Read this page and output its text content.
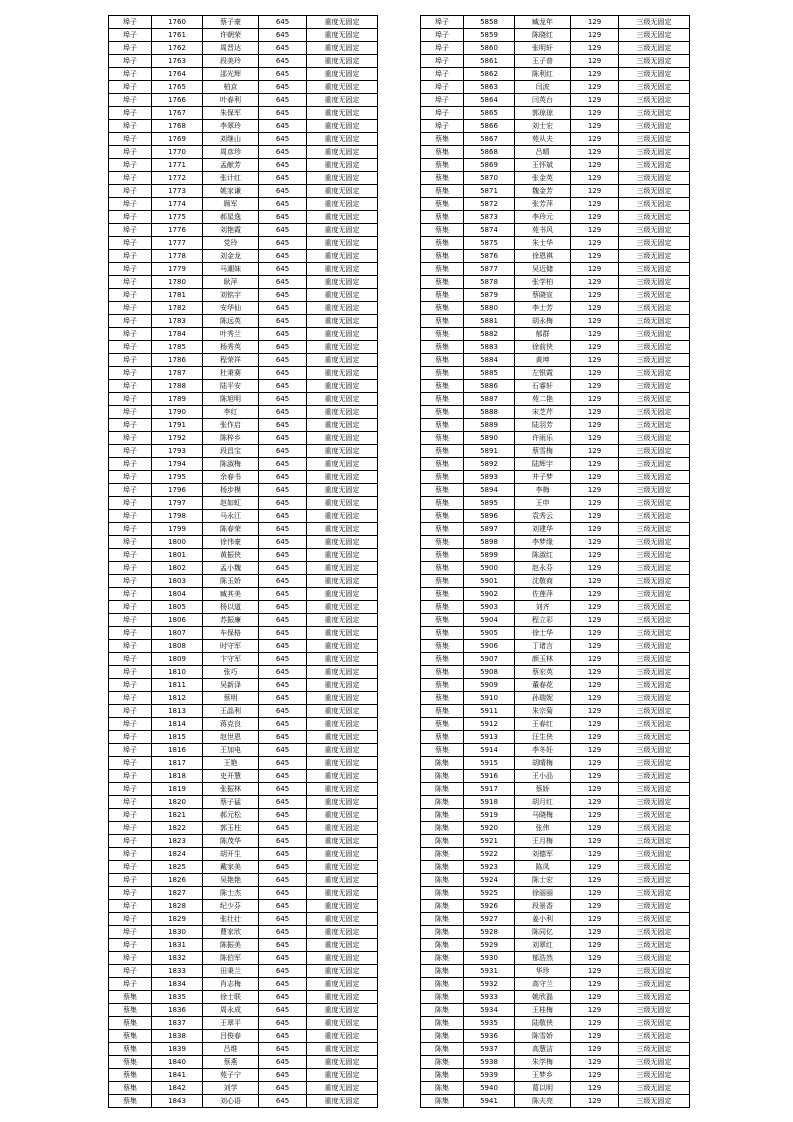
埠子	1760	蔡子豪	645	重度无固定
埠子	1761	许朝荣	645	重度无固定
埠子	1762	周晋达	645	重度无固定
埠子	1763	段美玲	645	重度无固定
埠子	1764	邵光辉	645	重度无固定
埠子	1765	柏京	645	重度无固定
埠子	1766	叶春利	645	重度无固定
埠子	1767	朱保军	645	重度无固定
埠子	1768	李翠玲	645	重度无固定
埠子	1769	刘继山	645	重度无固定
埠子	1770	周彦珍	645	重度无固定
埠子	1771	孟献芳	645	重度无固定
埠子	1772	张计红	645	重度无固定
埠子	1773	姚家谦	645	重度无固定
埠子	1774	顾军	645	重度无固定
埠子	1775	郝星逸	645	重度无固定
埠子	1776	刘艳霞	645	重度无固定
埠子	1777	党玲	645	重度无固定
埠子	1778	刘金龙	645	重度无固定
埠子	1779	马潮妹	645	重度无固定
埠子	1780	耿萍	645	重度无固定
埠子	1781	刘铭宇	645	重度无固定
埠子	1782	安华仙	645	重度无固定
埠子	1783	陈远英	645	重度无固定
埠子	1784	叶秀兰	645	重度无固定
埠子	1785	杨秀英	645	重度无固定
埠子	1786	程荣祥	645	重度无固定
埠子	1787	杜秉赛	645	重度无固定
埠子	1788	陆平安	645	重度无固定
埠子	1789	陈旭明	645	重度无固定
埠子	1790	李红	645	重度无固定
埠子	1791	张作启	645	重度无固定
埠子	1792	陈梓乡	645	重度无固定
埠子	1793	段昌宝	645	重度无固定
埠子	1794	陈淑梅	645	重度无固定
埠子	1795	余春书	645	重度无固定
埠子	1796	杨步模	645	重度无固定
埠子	1797	赵如虹	645	重度无固定
埠子	1798	马永江	645	重度无固定
埠子	1799	陈春荣	645	重度无固定
埠子	1800	徐伟豪	645	重度无固定
埠子	1801	黄振侠	645	重度无固定
埠子	1802	孟小魏	645	重度无固定
埠子	1803	陈玉娇	645	重度无固定
埠子	1804	臧其美	645	重度无固定
埠子	1805	杨以道	645	重度无固定
埠子	1806	苏振廉	645	重度无固定
埠子	1807	车保格	645	重度无固定
埠子	1808	时守军	645	重度无固定
埠子	1809	卞守军	645	重度无固定
埠子	1810	张巧	645	重度无固定
埠子	1811	吴新泽	645	重度无固定
埠子	1812	蔡明	645	重度无固定
埠子	1813	王晶利	645	重度无固定
埠子	1814	蒋克良	645	重度无固定
埠子	1815	赵世恩	645	重度无固定
埠子	1816	王加电	645	重度无固定
埠子	1817	王艳	645	重度无固定
埠子	1818	史开慧	645	重度无固定
埠子	1819	张振林	645	重度无固定
埠子	1820	蔡子猛	645	重度无固定
埠子	1821	郝元松	645	重度无固定
埠子	1822	郭玉柱	645	重度无固定
埠子	1823	陈茂华	645	重度无固定
埠子	1824	胡开生	645	重度无固定
埠子	1825	戴家美	645	重度无固定
埠子	1826	吴艳艳	645	重度无固定
埠子	1827	陈士杰	645	重度无固定
埠子	1828	纪少芬	645	重度无固定
埠子	1829	张壮壮	645	重度无固定
埠子	1830	曹家欣	645	重度无固定
埠子	1831	陈振美	645	重度无固定
埠子	1832	陈伯军	645	重度无固定
埠子	1833	田秉兰	645	重度无固定
埠子	1834	肖志梅	645	重度无固定
蔡集	1835	徐士联	645	重度无固定
蔡集	1836	周永成	645	重度无固定
蔡集	1837	王翠平	645	重度无固定
蔡集	1838	吕俊春	645	重度无固定
蔡集	1839	吕维	645	重度无固定
蔡集	1840	蔡燕	645	重度无固定
蔡集	1841	苑子宁	645	重度无固定
蔡集	1842	刘学	645	重度无固定
蔡集	1843	刘心语	645	重度无固定
埠子	5858	臧龙年	129	三级无固定
埠子	5859	陈晓红	129	三级无固定
埠子	5860	张明轩	129	三级无固定
埠子	5861	王子普	129	三级无固定
埠子	5862	陈利红	129	三级无固定
埠子	5863	闫波	129	三级无固定
埠子	5864	闫英台	129	三级无固定
埠子	5865	郭琼琼	129	三级无固定
埠子	5866	刘士宏	129	三级无固定
蔡集	5867	苑从夫	129	三级无固定
蔡集	5868	吕晴	129	三级无固定
蔡集	5869	王怀斌	129	三级无固定
蔡集	5870	张金英	129	三级无固定
蔡集	5871	魏金芳	129	三级无固定
蔡集	5872	张芳萍	129	三级无固定
蔡集	5873	李玲元	129	三级无固定
蔡集	5874	苑书风	129	三级无固定
蔡集	5875	朱士华	129	三级无固定
蔡集	5876	徐恩祺	129	三级无固定
蔡集	5877	吴近储	129	三级无固定
蔡集	5878	张学柏	129	三级无固定
蔡集	5879	蔡晓宣	129	三级无固定
蔡集	5880	李士芳	129	三级无固定
蔡集	5881	胡永梅	129	三级无固定
蔡集	5882	郁群	129	三级无固定
蔡集	5883	徐前侠	129	三级无固定
蔡集	5884	黄坤	129	三级无固定
蔡集	5885	左银霞	129	三级无固定
蔡集	5886	石睿轩	129	三级无固定
蔡集	5887	苑二艳	129	三级无固定
蔡集	5888	宋芝芹	129	三级无固定
蔡集	5889	陆羽芳	129	三级无固定
蔡集	5890	许雨乐	129	三级无固定
蔡集	5891	蔡雪梅	129	三级无固定
蔡集	5892	陆辉宇	129	三级无固定
蔡集	5893	井子梦	129	三级无固定
蔡集	5894	李梅	129	三级无固定
蔡集	5895	王申	129	三级无固定
蔡集	5896	袁秀云	129	三级无固定
蔡集	5897	刘建华	129	三级无固定
蔡集	5898	李梦缘	129	三级无固定
蔡集	5899	陈淑红	129	三级无固定
蔡集	5900	赵永芬	129	三级无固定
蔡集	5901	沈敬商	129	三级无固定
蔡集	5902	佐莲萍	129	三级无固定
蔡集	5903	刘齐	129	三级无固定
蔡集	5904	程立彩	129	三级无固定
蔡集	5905	徐士华	129	三级无固定
蔡集	5906	丁诸言	129	三级无固定
蔡集	5907	颜玉林	129	三级无固定
蔡集	5908	蔡宏英	129	三级无固定
蔡集	5909	董春花	129	三级无固定
蔡集	5910	孙瑞妮	129	三级无固定
蔡集	5911	朱宗菊	129	三级无固定
蔡集	5912	王春红	129	三级无固定
蔡集	5913	汪生侠	129	三级无固定
蔡集	5914	李冬妊	129	三级无固定
陈集	5915	胡晴梅	129	三级无固定
陈集	5916	王小品	129	三级无固定
陈集	5917	蔡娇	129	三级无固定
陈集	5918	胡月红	129	三级无固定
陈集	5919	马晓梅	129	三级无固定
陈集	5920	张伟	129	三级无固定
陈集	5921	王月梅	129	三级无固定
陈集	5922	刘德军	129	三级无固定
陈集	5923	陈凤	129	三级无固定
陈集	5924	陈士宏	129	三级无固定
陈集	5925	徐丽丽	129	三级无固定
陈集	5926	段景香	129	三级无固定
陈集	5927	姜小利	129	三级无固定
陈集	5928	陈同亿	129	三级无固定
陈集	5929	刘翠红	129	三级无固定
陈集	5930	郁浩然	129	三级无固定
陈集	5931	华珍	129	三级无固定
陈集	5932	高守兰	129	三级无固定
陈集	5933	姚欣磊	129	三级无固定
陈集	5934	王桂梅	129	三级无固定
陈集	5935	陆敬侠	129	三级无固定
陈集	5936	陈雪娇	129	三级无固定
陈集	5937	高慧洁	129	三级无固定
陈集	5938	朱学梅	129	三级无固定
陈集	5939	王梦乡	129	三级无固定
陈集	5940	葛以明	129	三级无固定
陈集	5941	陈夫亮	129	三级无固定
